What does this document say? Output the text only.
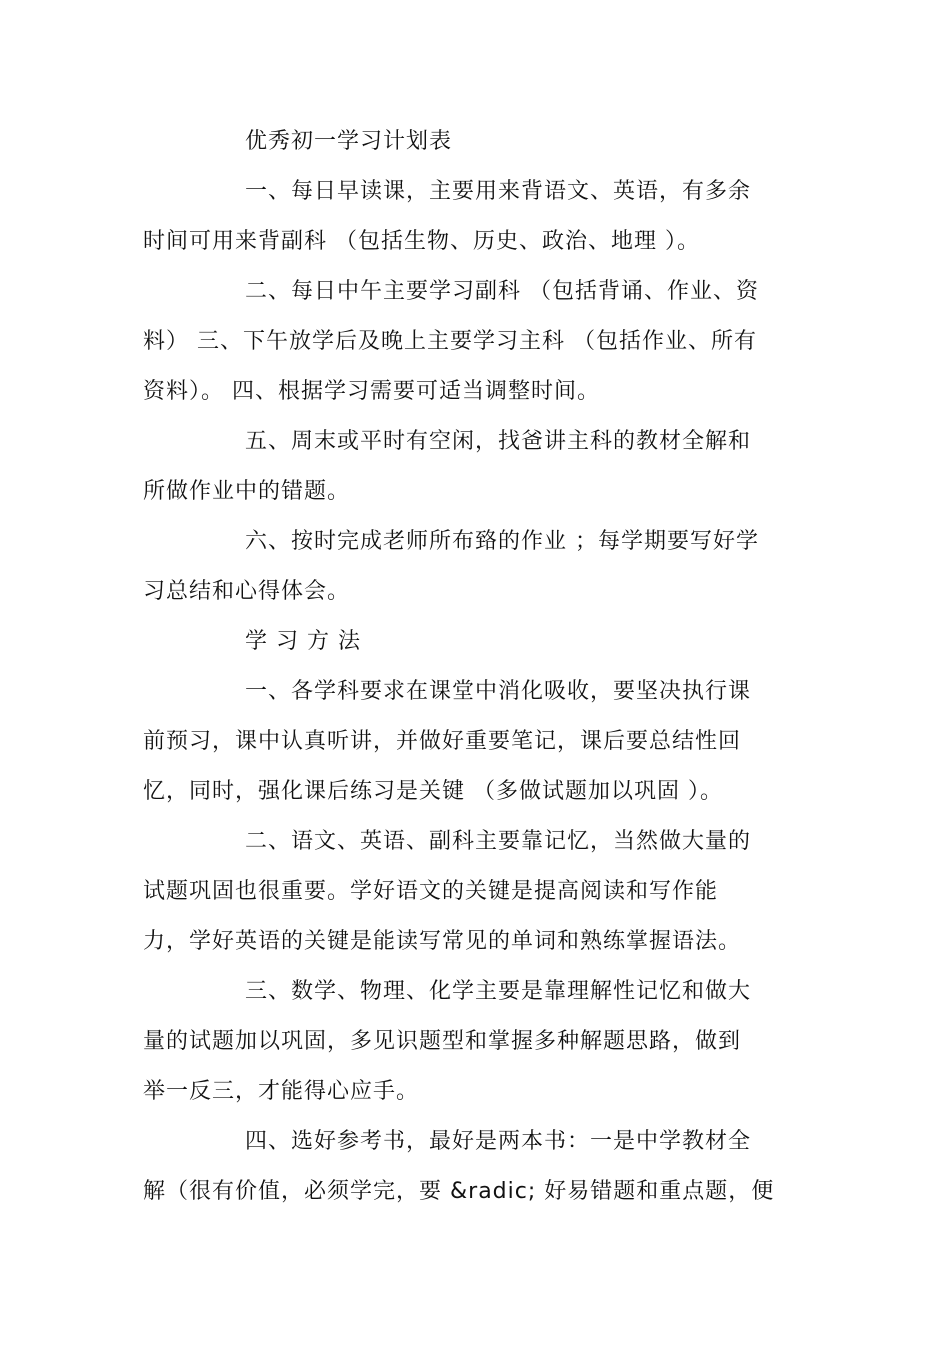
优秀初一学习计划表
一、每日早读课，主要用来背语文、英语，有多余
时间可用来背副科 （包括生物、历史、政治、地理 ）。
二、每日中午主要学习副科 （包括背诵、作业、资
料） 三、下午放学后及晚上主要学习主科 （包括作业、所有
资料）。 四、根据学习需要可适当调整时间。
五、周末或平时有空闲，找爸讲主科的教材全解和
所做作业中的错题。
六、按时完成老师所布臵的作业 ；每学期要写好学
习总结和心得体会。
学 习 方 法
一、各学科要求在课堂中消化吸收，要坚决执行课
前预习，课中认真听讲，并做好重要笔记，课后要总结性回
忆，同时，强化课后练习是关键 （多做试题加以巩固 ）。
二、语文、英语、副科主要靠记忆，当然做大量的
试题巩固也很重要。学好语文的关键是提高阅读和写作能
力，学好英语的关键是能读写常见的单词和熟练掌握语法。
三、数学、物理、化学主要是靠理解性记忆和做大
量的试题加以巩固，多见识题型和掌握多种解题思路，做到
举一反三，才能得心应手。
四、选好参考书，最好是两本书：一是中学教材全
解（很有价值，必须学完，要 &radic; 好易错题和重点题，便
